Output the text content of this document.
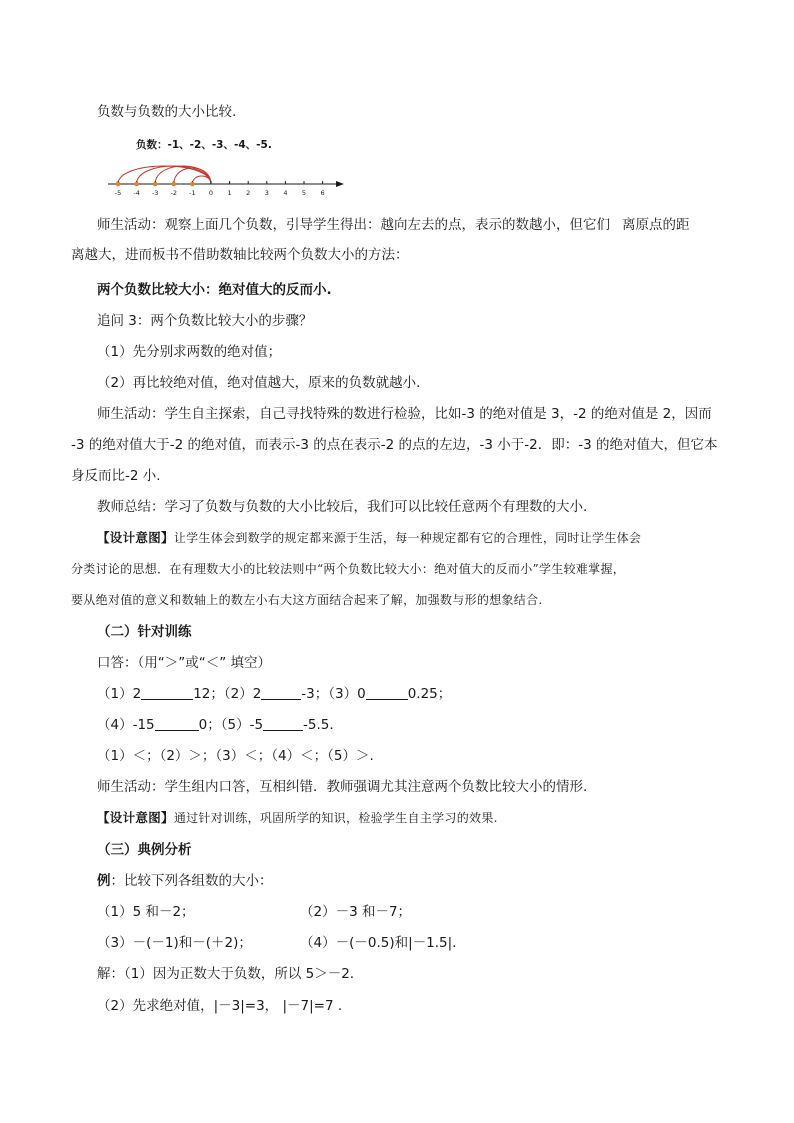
负数与负数的大小比较.
负数：-1、-2、-3、-4、-5.
-5 -4 -3 -2 -1 0 1 2 3 4 5 6
师生活动：观察上面几个负数，引导学生得出：越向左去的点，表示的数越小，但它们 离原点的距
离越大，进而板书不借助数轴比较两个负数大小的方法：
两个负数比较大小：绝对值大的反而小.
追问 3：两个负数比较大小的步骤？
（1）先分别求两数的绝对值；
（2）再比较绝对值，绝对值越大，原来的负数就越小.
师生活动：学生自主探索，自己寻找特殊的数进行检验，比如-3 的绝对值是 3，-2 的绝对值是 2，因而
-3 的绝对值大于-2 的绝对值，而表示-3 的点在表示-2 的点的左边，-3 小于-2．即：-3 的绝对值大，但它本
身反而比-2 小.
教师总结：学习了负数与负数的大小比较后，我们可以比较任意两个有理数的大小.
【设计意图】让学生体会到数学的规定都来源于生活，每一种规定都有它的合理性，同时让学生体会
分类讨论的思想．在有理数大小的比较法则中“两个负数比较大小：绝对值大的反而小”学生较难掌握，
要从绝对值的意义和数轴上的数左小右大这方面结合起来了解，加强数与形的想象结合.
（二）针对训练
口答：（用“＞”或“＜” 填空）
（1）2	12；（2）2	-3；（3）0	0.25；
（4）-15	0；（5）-5	-5.5.
（1）＜；（2）＞；（3）＜；（4）＜；（5）＞.
师生活动：学生组内口答，互相纠错．教师强调尤其注意两个负数比较大小的情形.
【设计意图】通过针对训练，巩固所学的知识，检验学生自主学习的效果.
（三）典例分析
例：比较下列各组数的大小：
（1）5 和－2；	（2）－3 和－7；
（3）－(－1)和－(＋2)；	（4）－(－0.5)和|－1.5|.
解：（1）因为正数大于负数，所以 5＞－2.
（2）先求绝对值，|－3|=3， |－7|=7 .
